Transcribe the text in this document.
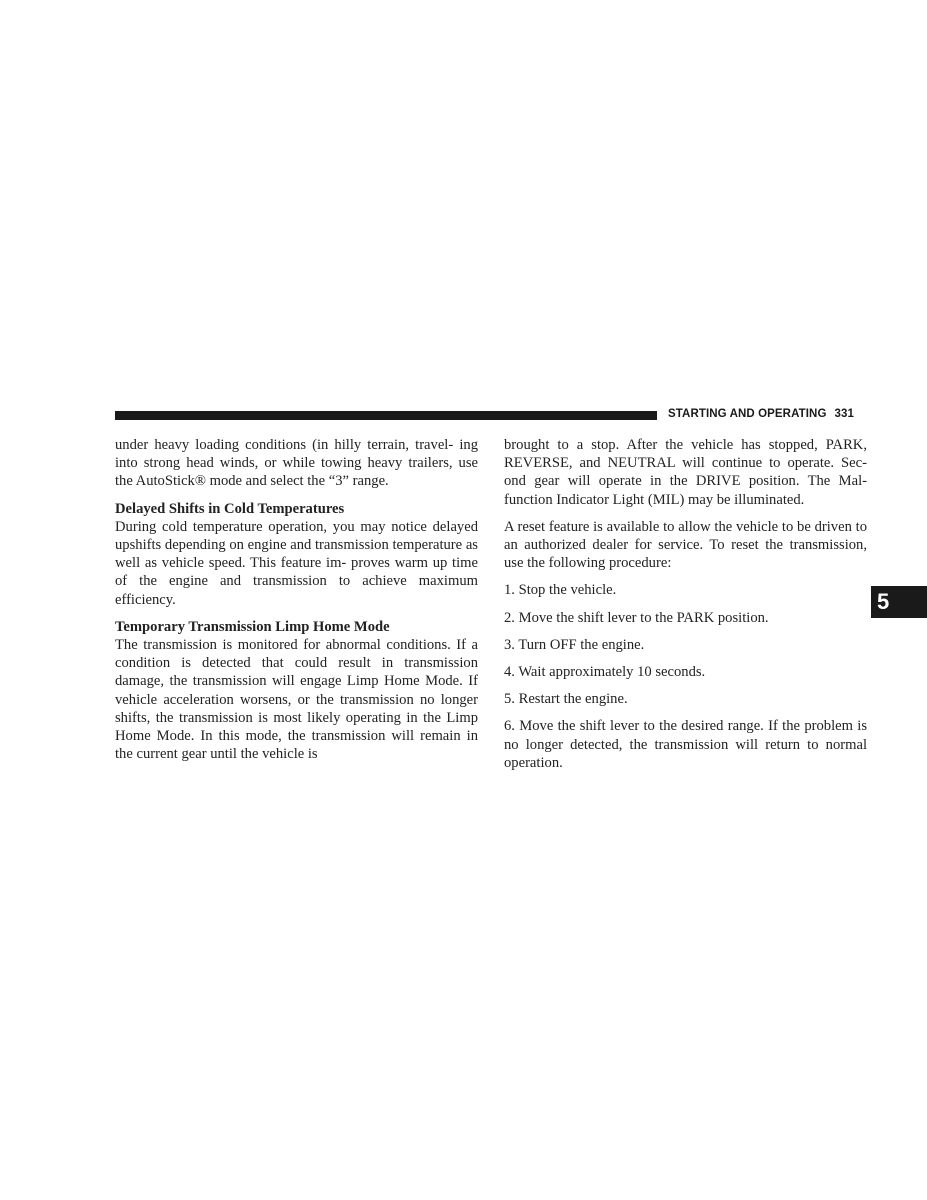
STARTING AND OPERATING 331
5

under heavy loading conditions (in hilly terrain, travel- ing into strong head winds, or while towing heavy trailers, use the AutoStick® mode and select the “3” range.

Delayed Shifts in Cold Temperatures

During cold temperature operation, you may notice delayed upshifts depending on engine and transmission temperature as well as vehicle speed. This feature im- proves warm up time of the engine and transmission to achieve maximum efficiency.

Temporary Transmission Limp Home Mode

The transmission is monitored for abnormal conditions. If a condition is detected that could result in transmission damage, the transmission will engage Limp Home Mode. If vehicle acceleration worsens, or the transmission no longer shifts, the transmission is most likely operating in the Limp Home Mode. In this mode, the transmission will remain in the current gear until the vehicle is

brought to a stop. After the vehicle has stopped, PARK, REVERSE, and NEUTRAL will continue to operate. Sec- ond gear will operate in the DRIVE position. The Mal- function Indicator Light (MIL) may be illuminated.

A reset feature is available to allow the vehicle to be driven to an authorized dealer for service. To reset the transmission, use the following procedure:

1. Stop the vehicle.
2. Move the shift lever to the PARK position.
3. Turn OFF the engine.
4. Wait approximately 10 seconds.
5. Restart the engine.
6. Move the shift lever to the desired range. If the problem is no longer detected, the transmission will return to normal operation.
